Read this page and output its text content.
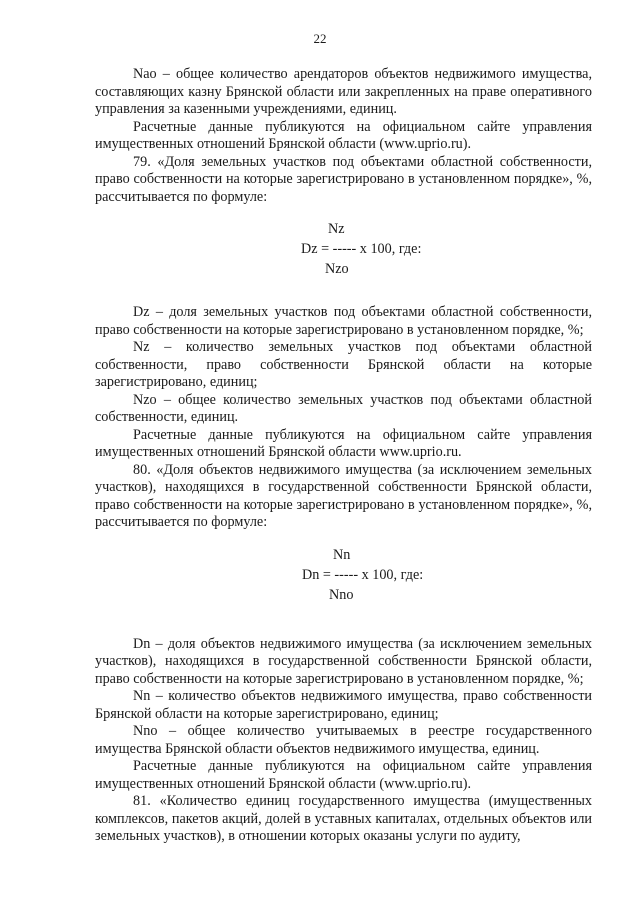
22

Nao – общее количество арендаторов объектов недвижимого имущества, составляющих казну Брянской области или закрепленных на праве оперативного управления за казенными учреждениями, единиц.

Расчетные данные публикуются на официальном сайте управления имущественных отношений Брянской области (www.uprio.ru).

79. «Доля земельных участков под объектами областной собственности, право собственности на которые зарегистрировано в установленном порядке», %, рассчитывается по формуле:

Nz
Dz = ----- x 100, где:
Nzo

Dz – доля земельных участков под объектами областной собственности, право собственности на которые зарегистрировано в установленном порядке, %;

Nz – количество земельных участков под объектами областной собственности, право собственности Брянской области на которые зарегистрировано, единиц;

Nzo – общее количество земельных участков под объектами областной собственности, единиц.

Расчетные данные публикуются на официальном сайте управления имущественных отношений Брянской области www.uprio.ru.

80. «Доля объектов недвижимого имущества (за исключением земельных участков), находящихся в государственной собственности Брянской области, право собственности на которые зарегистрировано в установленном порядке», %, рассчитывается по формуле:

Nn
Dn = ----- x 100, где:
Nno

Dn – доля объектов недвижимого имущества (за исключением земельных участков), находящихся в государственной собственности Брянской области, право собственности на которые зарегистрировано в установленном порядке, %;

Nn – количество объектов недвижимого имущества, право собственности Брянской области на которые зарегистрировано, единиц;

Nno – общее количество учитываемых в реестре государственного имущества Брянской области объектов недвижимого имущества, единиц.

Расчетные данные публикуются на официальном сайте управления имущественных отношений Брянской области (www.uprio.ru).

81. «Количество единиц государственного имущества (имущественных комплексов, пакетов акций, долей в уставных капиталах, отдельных объектов или земельных участков), в отношении которых оказаны услуги по аудиту,
